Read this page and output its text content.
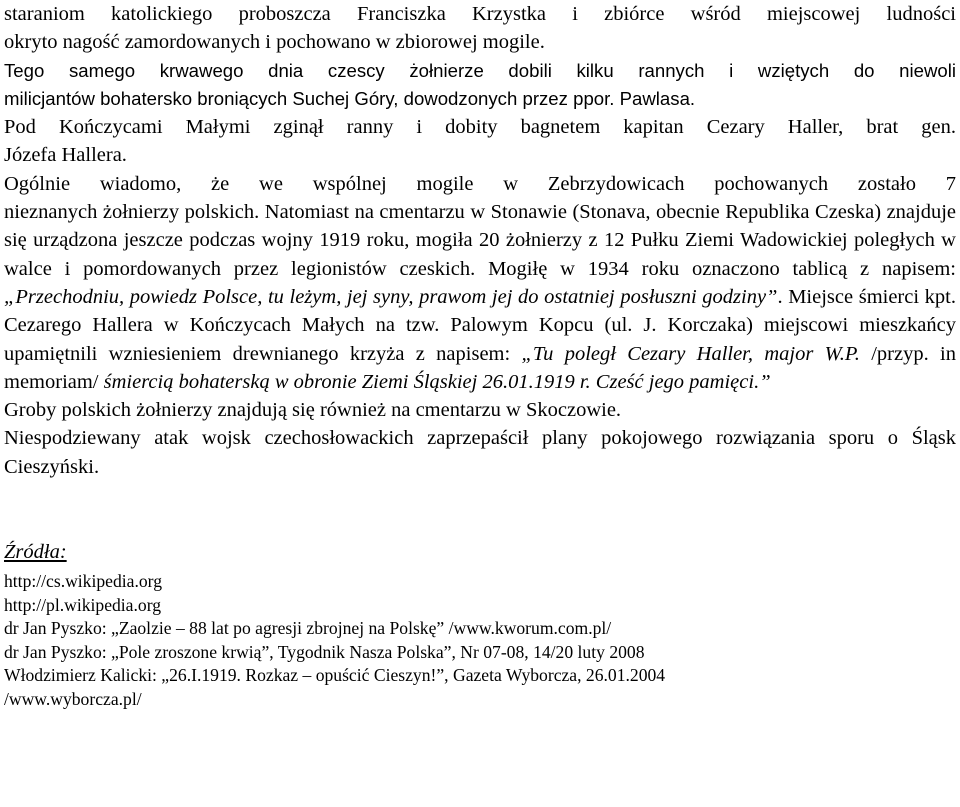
staraniom katolickiego proboszcza Franciszka Krzystka i zbiórce wśród miejscowej ludności
okryto nagość zamordowanych i pochowano w zbiorowej mogile.
Tego samego krwawego dnia czescy żołnierze dobili kilku rannych i wziętych do niewoli
milicjantów bohatersko broniących Suchej Góry, dowodzonych przez ppor. Pawlasa.
Pod Kończycami Małymi zginął ranny i dobity bagnetem kapitan Cezary Haller, brat gen.
Józefa Hallera.
Ogólnie wiadomo, że we wspólnej mogile w Zebrzydowicach pochowanych zostało 7

nieznanych żołnierzy polskich. Natomiast na cmentarzu w Stonawie (Stonava, obecnie Republika Czeska) znajduje się urządzona jeszcze podczas wojny 1919 roku, mogiła 20 żołnierzy z 12 Pułku Ziemi Wadowickiej poległych w walce i pomordowanych przez legionistów czeskich. Mogiłę w 1934 roku oznaczono tablicą z napisem: „Przechodniu, powiedz Polsce, tu leżym, jej syny, prawom jej do ostatniej posłuszni godziny”. Miejsce śmierci kpt. Cezarego Hallera w Kończycach Małych na tzw. Palowym Kopcu (ul. J. Korczaka) miejscowi mieszkańcy upamiętnili wzniesieniem drewnianego krzyża z napisem: „Tu poległ Cezary Haller, major W.P. /przyp. in memoriam/ śmiercią bohaterską w obronie Ziemi Śląskiej 26.01.1919 r. Cześć jego pamięci.”

Groby polskich żołnierzy znajdują się również na cmentarzu w Skoczowie.

Niespodziewany atak wojsk czechosłowackich zaprzepaścił plany pokojowego rozwiązania sporu o Śląsk Cieszyński.

Źródła:
http://cs.wikipedia.org
http://pl.wikipedia.org
dr Jan Pyszko: „Zaolzie – 88 lat po agresji zbrojnej na Polskę” /www.kworum.com.pl/
dr Jan Pyszko: „Pole zroszone krwią”, Tygodnik Nasza Polska”, Nr 07-08, 14/20 luty 2008
Włodzimierz Kalicki: „26.I.1919. Rozkaz – opuścić Cieszyn!”, Gazeta Wyborcza, 26.01.2004
/www.wyborcza.pl/
